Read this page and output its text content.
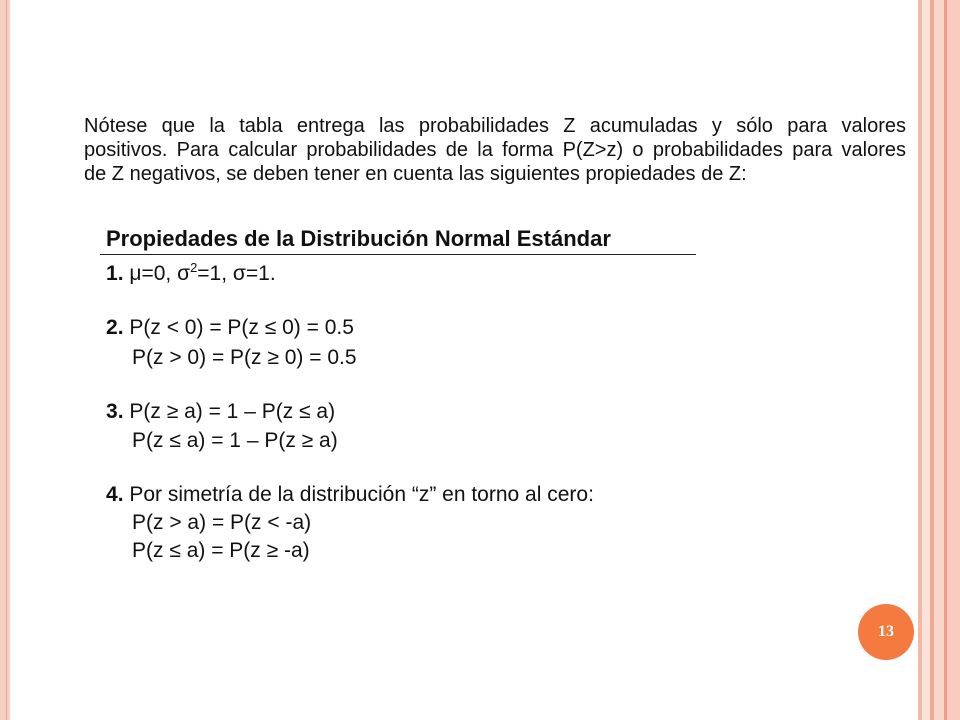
Nótese que la tabla entrega las probabilidades Z acumuladas y sólo para valores
positivos. Para calcular probabilidades de la forma P(Z>z) o probabilidades para valores
de Z negativos, se deben tener en cuenta las siguientes propiedades de Z:
Propiedades de la Distribución Normal Estándar
1. μ=0, $\sigma^2=1$, σ=1.
2. P(z < 0) = P(z ≤ 0) = 0.5
P(z > 0) = P(z ≥ 0) = 0.5
3. P(z ≥ a) = 1 – P(z ≤ a)
P(z ≤ a) = 1 – P(z ≥ a)
4. Por simetría de la distribución “z” en torno al cero:
P(z > a) = P(z < -a)
P(z ≤ a) = P(z ≥ -a)
13
